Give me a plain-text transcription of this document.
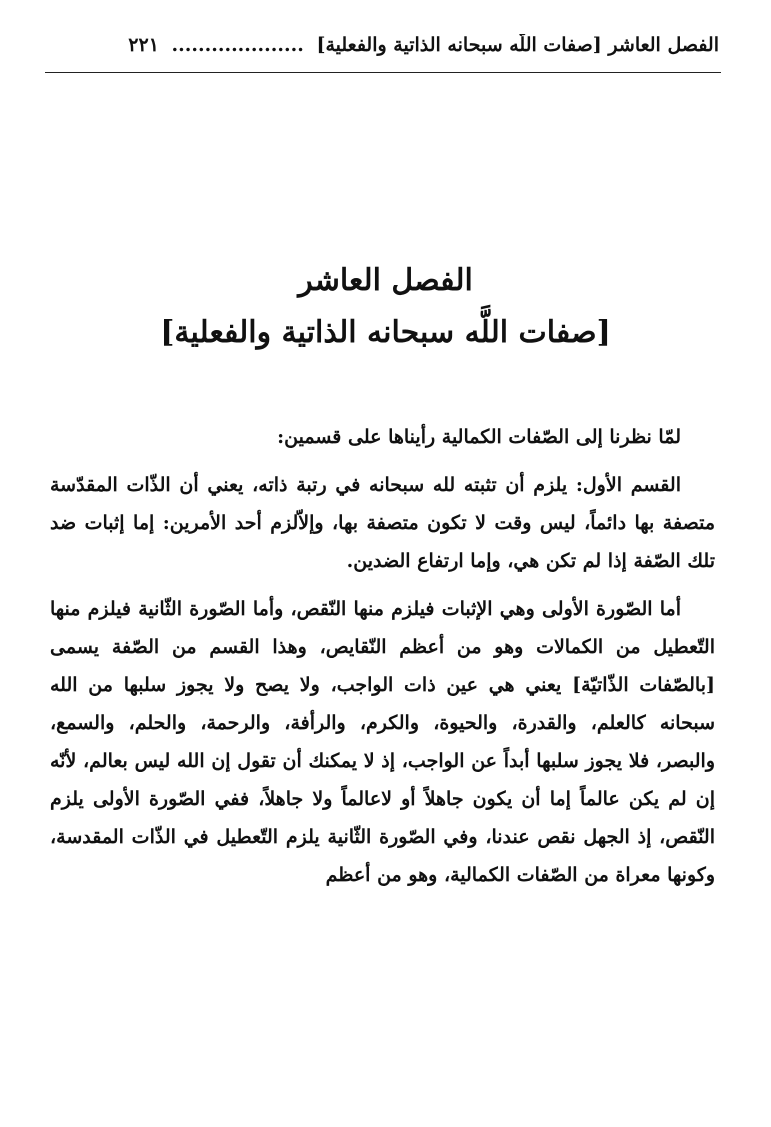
الفصل العاشر [صفات اللّه سبحانه الذاتية والفعلية] .................... ٢٢١
الفصل العاشر
[صفات اللَّه سبحانه الذاتية والفعلية]

لمّا نظرنا إلى الصّفات الكمالية رأيناها على قسمين:

القسم الأول: يلزم أن تثبته لله سبحانه في رتبة ذاته، يعني أن الذّات المقدّسة متصفة بها دائماً، ليس وقت لا تكون متصفة بها، وإلاّلزم أحد الأمرين: إما إثبات ضد تلك الصّفة إذا لم تكن هي، وإما ارتفاع الضدين.

أما الصّورة الأولى وهي الإثبات فيلزم منها النّقص، وأما الصّورة الثّانية فيلزم منها التّعطيل من الكمالات وهو من أعظم النّقايص، وهذا القسم من الصّفة يسمى [بالصّفات الذّاتيّة] يعني هي عين ذات الواجب، ولا يصح ولا يجوز سلبها من الله سبحانه كالعلم، والقدرة، والحيوة، والكرم، والرأفة، والرحمة، والحلم، والسمع، والبصر، فلا يجوز سلبها أبداً عن الواجب، إذ لا يمكنك أن تقول إن الله ليس بعالم، لأنّه إن لم يكن عالماً إما أن يكون جاهلاً أو لاعالماً ولا جاهلاً، ففي الصّورة الأولى يلزم النّقص، إذ الجهل نقص عندنا، وفي الصّورة الثّانية يلزم التّعطيل في الذّات المقدسة، وكونها معراة من الصّفات الكمالية، وهو من أعظم
